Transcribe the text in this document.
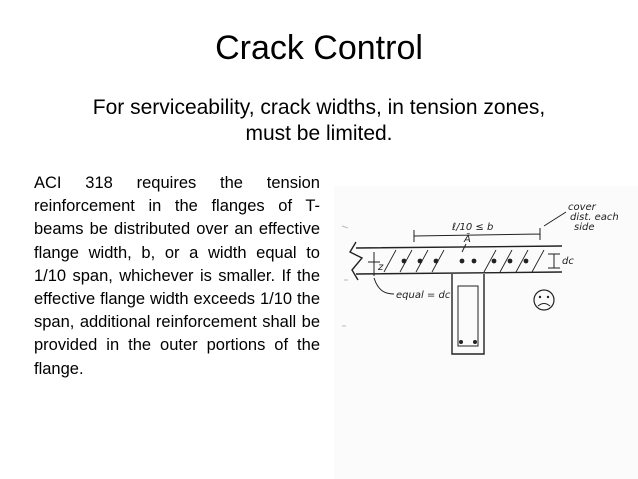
Crack Control
For serviceability, crack widths, in tension zones,
must be limited.
ACI 318 requires the tension reinforcement in the flanges of T-beams be distributed over an effective flange width, b, or a width equal to 1/10 span, whichever is smaller. If the effective flange width exceeds 1/10 the span, additional reinforcement shall be provided in the outer portions of the flange.
ℓ/10 ≤ b
Ā
cover
dist. each
side
dc
equal = dc
z
